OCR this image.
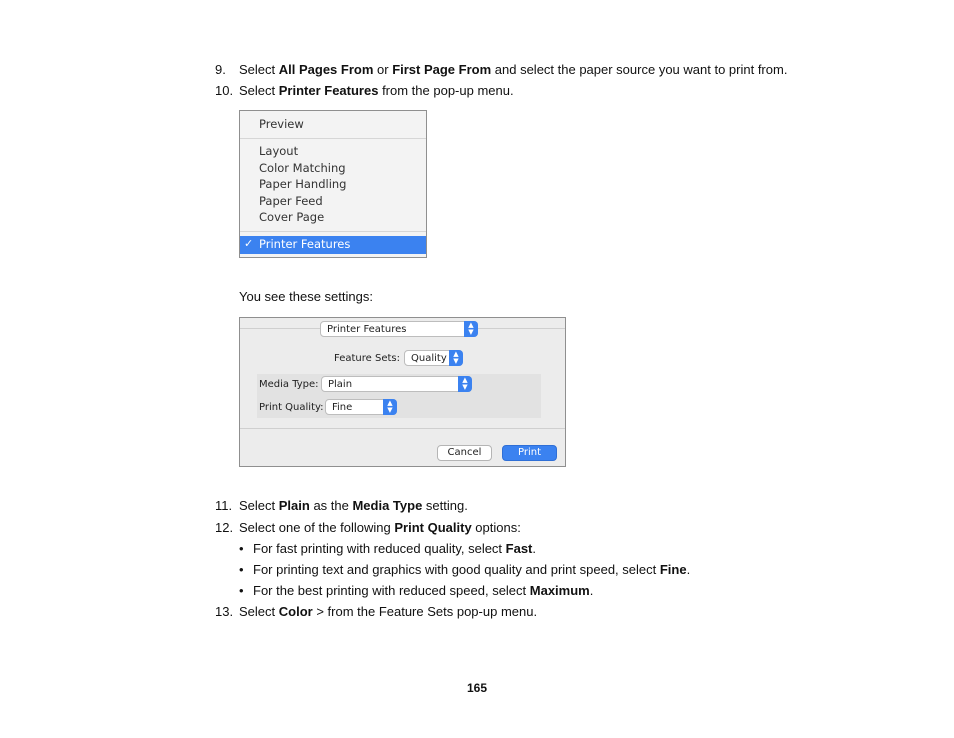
9. Select All Pages From or First Page From and select the paper source you want to print from.
10. Select Printer Features from the pop-up menu.
Preview
Layout
Color Matching
Paper Handling
Paper Feed
Cover Page
✓ Printer Features
You see these settings:
Printer Features	▲
▼
Feature Sets: Quality ▲
▼
Media Type: Plain	▲
▼
Print Quality: Fine	▲
▼
Cancel	Print
11. Select Plain as the Media Type setting.
12. Select one of the following Print Quality options:
• For fast printing with reduced quality, select Fast.
• For printing text and graphics with good quality and print speed, select Fine.
• For the best printing with reduced speed, select Maximum.
13. Select Color > from the Feature Sets pop-up menu.
165
